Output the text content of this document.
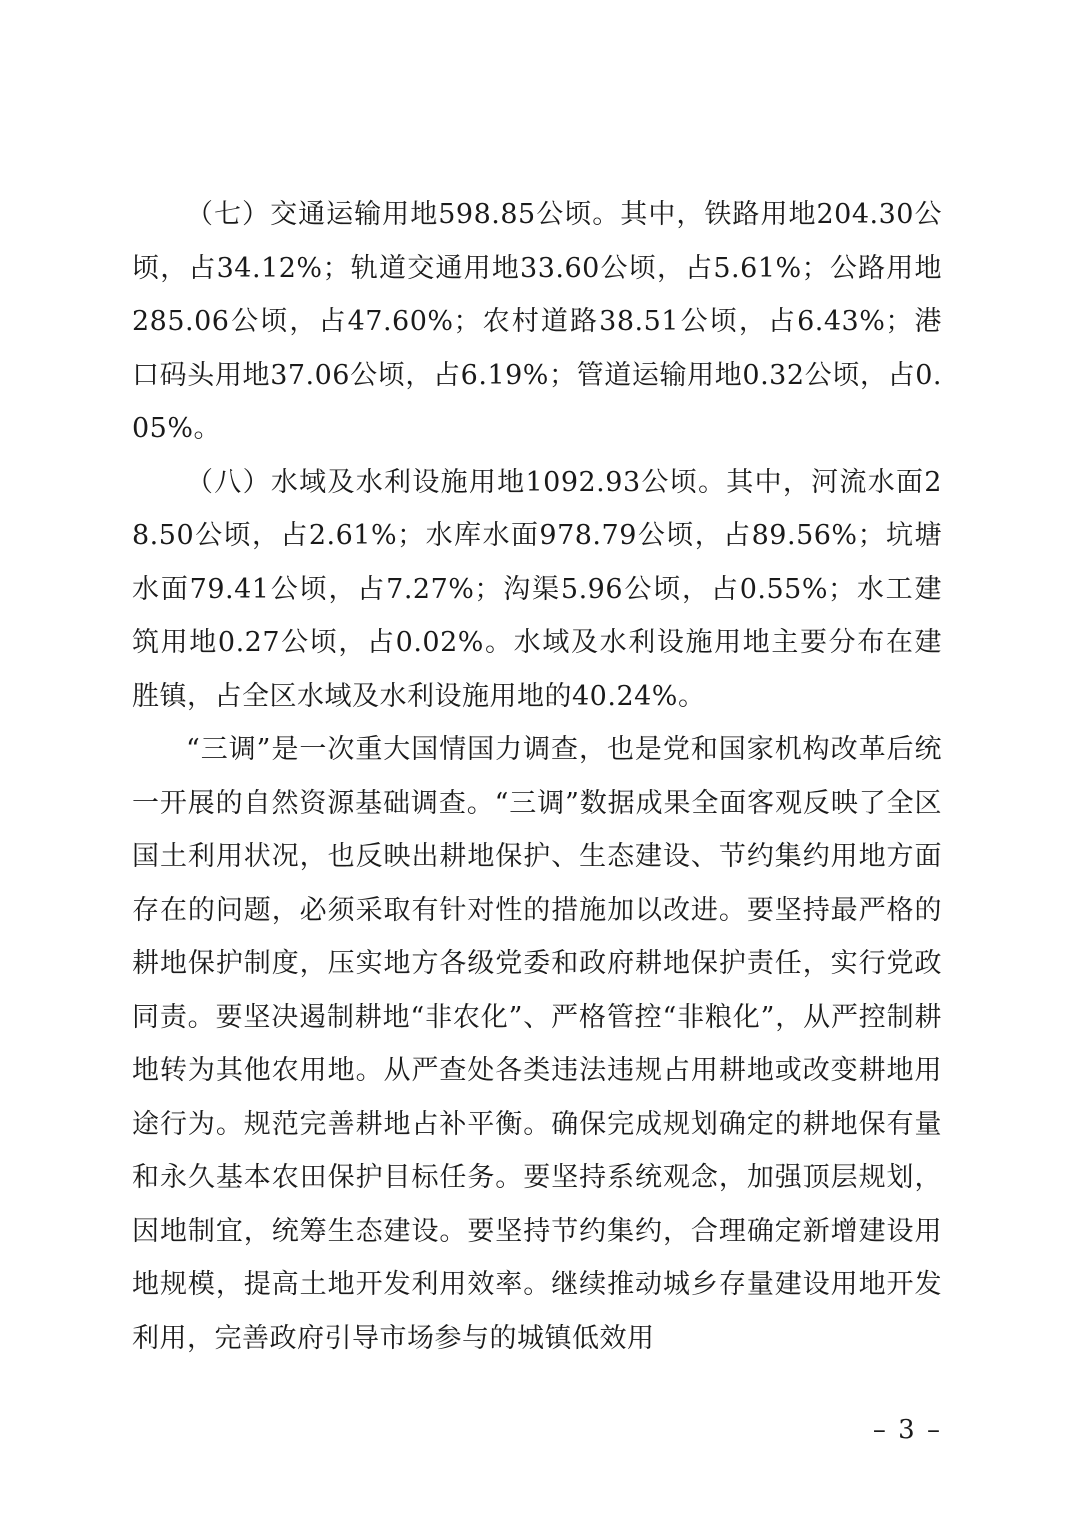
（七）交通运输用地598.85公顷。其中，铁路用地204.30公顷，占34.12%；轨道交通用地33.60公顷，占5.61%；公路用地285.06公顷，占47.60%；农村道路38.51公顷，占6.43%；港口码头用地37.06公顷，占6.19%；管道运输用地0.32公顷，占0.05%。

（八）水域及水利设施用地1092.93公顷。其中，河流水面28.50公顷，占2.61%；水库水面978.79公顷，占89.56%；坑塘水面79.41公顷，占7.27%；沟渠5.96公顷，占0.55%；水工建筑用地0.27公顷，占0.02%。水域及水利设施用地主要分布在建胜镇，占全区水域及水利设施用地的40.24%。

“三调”是一次重大国情国力调查，也是党和国家机构改革后统一开展的自然资源基础调查。“三调”数据成果全面客观反映了全区国土利用状况，也反映出耕地保护、生态建设、节约集约用地方面存在的问题，必须采取有针对性的措施加以改进。要坚持最严格的耕地保护制度，压实地方各级党委和政府耕地保护责任，实行党政同责。要坚决遏制耕地“非农化”、严格管控“非粮化”，从严控制耕地转为其他农用地。从严查处各类违法违规占用耕地或改变耕地用途行为。规范完善耕地占补平衡。确保完成规划确定的耕地保有量和永久基本农田保护目标任务。要坚持系统观念，加强顶层规划，因地制宜，统筹生态建设。要坚持节约集约，合理确定新增建设用地规模，提高土地开发利用效率。继续推动城乡存量建设用地开发利用，完善政府引导市场参与的城镇低效用

– 3 –
